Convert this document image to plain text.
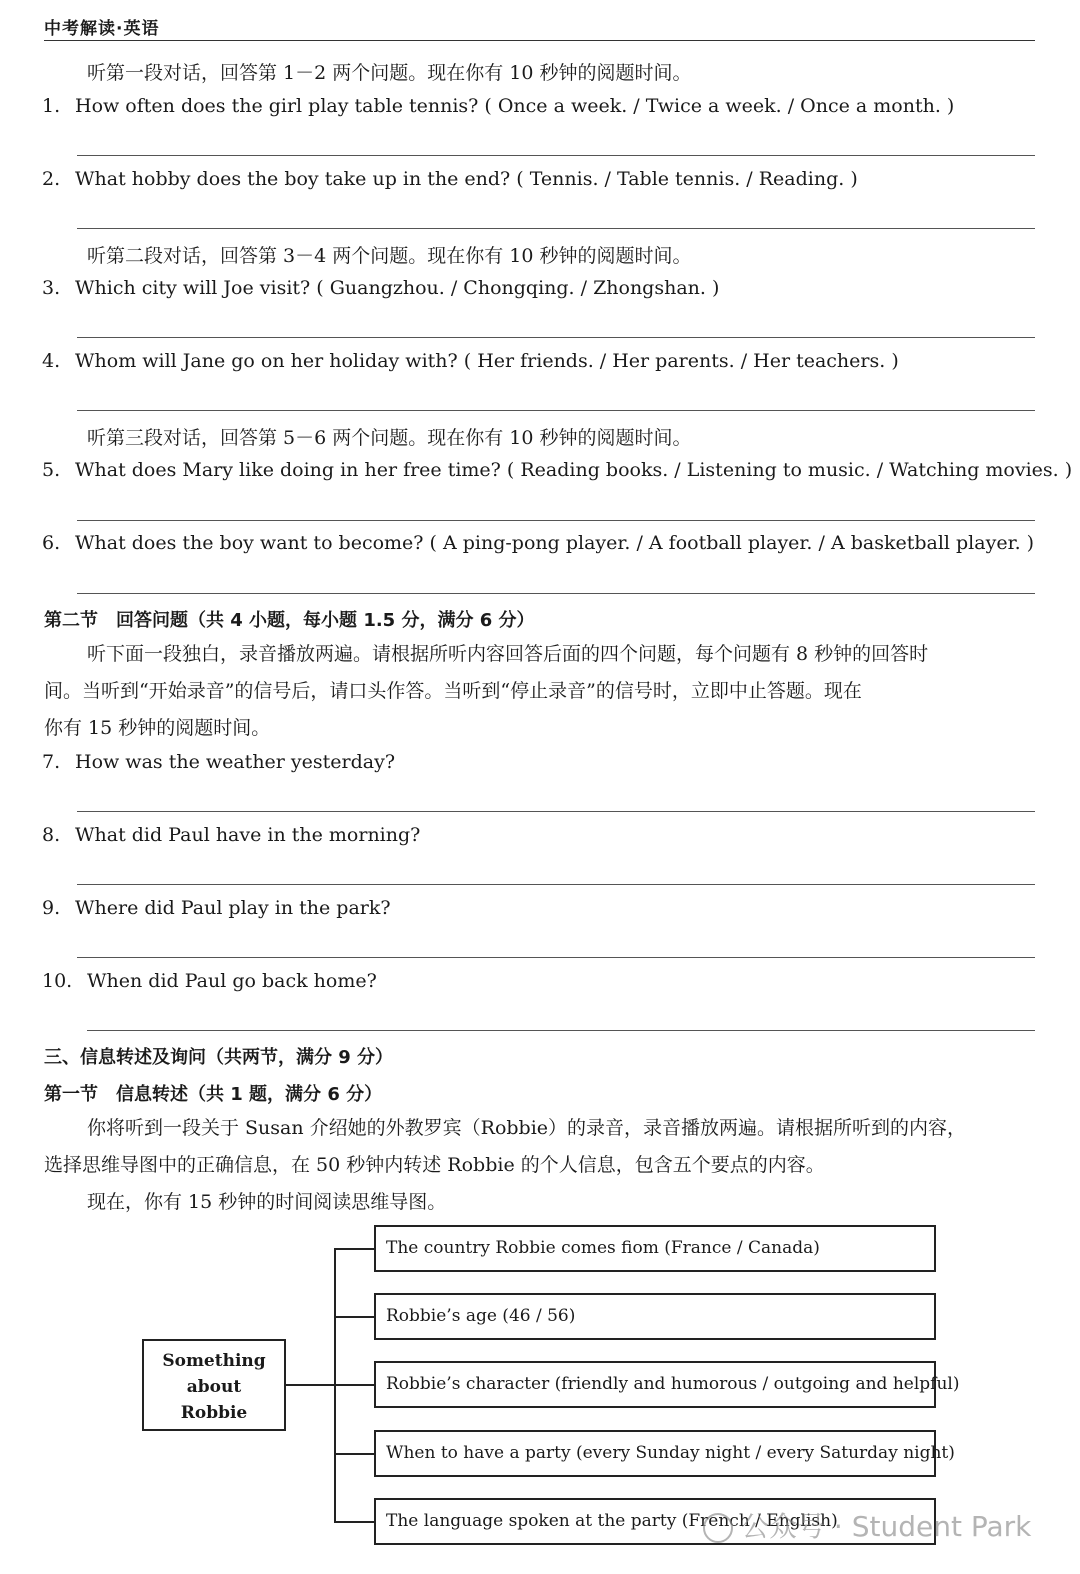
中考解读·英语
听第一段对话，回答第 1－2 两个问题。现在你有 10 秒钟的阅题时间。
1. How often does the girl play table tennis? ( Once a week. / Twice a week. / Once a month. )
2. What hobby does the boy take up in the end? ( Tennis. / Table tennis. / Reading. )
听第二段对话，回答第 3－4 两个问题。现在你有 10 秒钟的阅题时间。
3. Which city will Joe visit? ( Guangzhou. / Chongqing. / Zhongshan. )
4. Whom will Jane go on her holiday with? ( Her friends. / Her parents. / Her teachers. )
听第三段对话，回答第 5－6 两个问题。现在你有 10 秒钟的阅题时间。
5. What does Mary like doing in her free time? ( Reading books. / Listening to music. / Watching movies. )
6. What does the boy want to become? ( A ping-pong player. / A football player. / A basketball player. )
第二节　回答问题（共 4 小题，每小题 1.5 分，满分 6 分）
听下面一段独白，录音播放两遍。请根据所听内容回答后面的四个问题，每个问题有 8 秒钟的回答时
间。当听到“开始录音”的信号后，请口头作答。当听到“停止录音”的信号时，立即中止答题。现在
你有 15 秒钟的阅题时间。
7. How was the weather yesterday?
8. What did Paul have in the morning?
9. Where did Paul play in the park?
10. When did Paul go back home?
三、信息转述及询问（共两节，满分 9 分）
第一节　信息转述（共 1 题，满分 6 分）
你将听到一段关于 Susan 介绍她的外教罗宾（Robbie）的录音，录音播放两遍。请根据所听到的内容，
选择思维导图中的正确信息，在 50 秒钟内转述 Robbie 的个人信息，包含五个要点的内容。
现在，你有 15 秒钟的时间阅读思维导图。
Something
about
Robbie
The country Robbie comes fiom (France / Canada)
Robbie’s age (46 / 56)
Robbie’s character (friendly and humorous / outgoing and helpful)
When to have a party (every Sunday night / every Saturday night)
The language spoken at the party (French / English)
公众号 · Student Park
